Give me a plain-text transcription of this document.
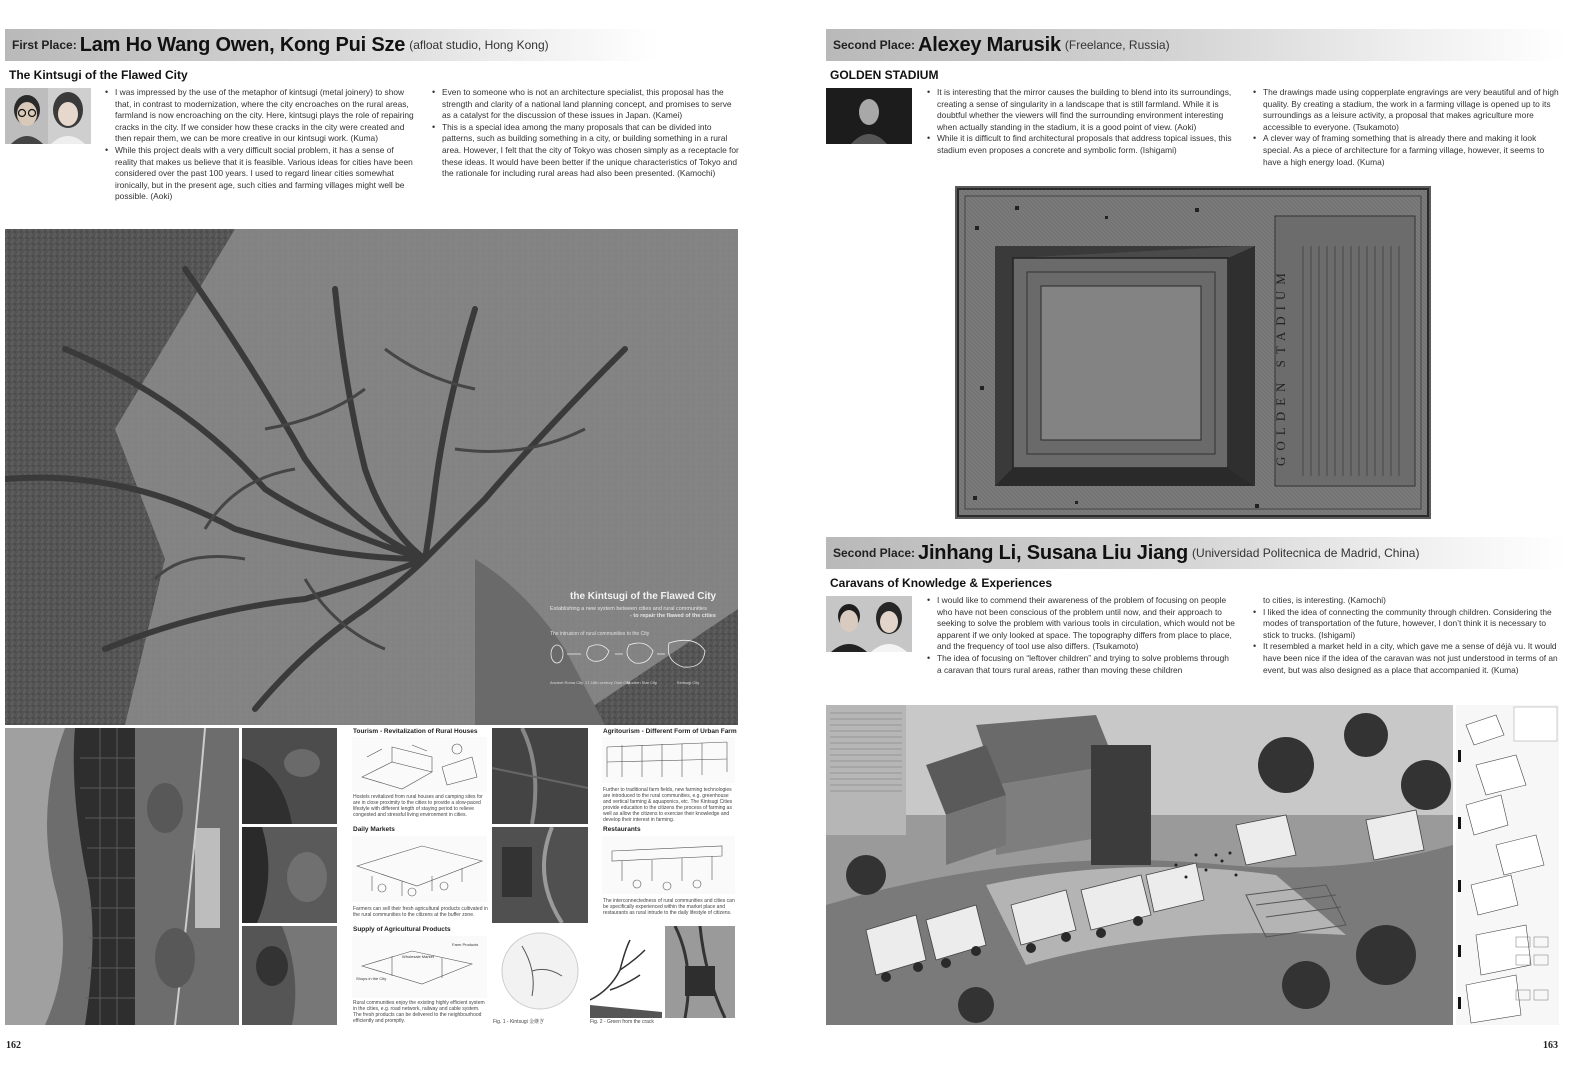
First Place: Lam Ho Wang Owen, Kong Pui Sze (afloat studio, Hong Kong)
The Kintsugi of the Flawed City
• I was impressed by the use of the metaphor of kintsugi (metal joinery) to show that, in contrast to modernization, where the city encroaches on the rural areas, farmland is now encroaching on the city. Here, kintsugi plays the role of repairing cracks in the city. If we consider how these cracks in the city were created and then repair them, we can be more creative in our kintsugi work. (Kuma)
• While this project deals with a very difficult social problem, it has a sense of reality that makes us believe that it is feasible. Various ideas for cities have been considered over the past 100 years. I used to regard linear cities somewhat ironically, but in the present age, such cities and farming villages might well be possible. (Aoki)
• Even to someone who is not an architecture specialist, this proposal has the strength and clarity of a national land planning concept, and promises to serve as a catalyst for the discussion of these issues in Japan. (Kamei)
• This is a special idea among the many proposals that can be divided into patterns, such as building something in a city, or building something in a rural area. However, I felt that the city of Tokyo was chosen simply as a receptacle for these ideas. It would have been better if the unique characteristics of Tokyo and the rationale for including rural areas had also been presented. (Kamochi)
the Kintsugi of the Flawed City
Establishing a new system between cities and rural communities
- to repair the flawed of the cities
The intrusion of rural communities to the City
Ancient Roma City 17-18th century Ooki City
Modern Star City	Kintsugi City
Tourism - Revitalization of Rural Houses
Hostels revitalized from rural houses and camping sites for are in close proximity to the cities to provide a slow-paced lifestyle with different length of staying period to relieve congested and stressful living environment in cities.
Daily Markets
Farmers can sell their fresh agricultural products cultivated in the rural communities to the citizens at the buffer zone.
Supply of Agricultural Products
Farm Products
Wholesale Market
Shops in the City
Rural communities enjoy the existing highly efficient system in the cities, e.g. road network, railway and cable system. The fresh products can be delivered to the neighbourhood efficiently and promptly.	Fig. 1 - Kintsugi 金継ぎ
Agritourism - Different Form of Urban Farm
Further to traditional farm fields, new farming technologies are introduced to the rural communities, e.g. greenhouse and vertical farming & aquaponics, etc. The Kintsugi Cities provide education to the citizens the process of farming as well as allow the citizens to exercise their knowledge and develop their interest in farming.
Restaurants
The interconnectedness of rural communities and cities can be specifically experienced within the market place and restaurants as rural intrude to the daily lifestyle of citizens.
Fig. 2 - Green from the crack
162
Second Place: Alexey Marusik (Freelance, Russia)
GOLDEN STADIUM
• It is interesting that the mirror causes the building to blend into its surroundings, creating a sense of singularity in a landscape that is still farmland. While it is doubtful whether the viewers will find the surrounding environment interesting when actually standing in the stadium, it is a good point of view. (Aoki)
• While it is difficult to find architectural proposals that address topical issues, this stadium even proposes a concrete and symbolic form. (Ishigami)
• The drawings made using copperplate engravings are very beautiful and of high quality. By creating a stadium, the work in a farming village is opened up to its surroundings as a leisure activity, a proposal that makes agriculture more accessible to everyone. (Tsukamoto)
• A clever way of framing something that is already there and making it look special. As a piece of architecture for a farming village, however, it seems to have a high energy load. (Kuma)
GOLDEN STADIUM
Second Place: Jinhang Li, Susana Liu Jiang (Universidad Politecnica de Madrid, China)
Caravans of Knowledge & Experiences
• I would like to commend their awareness of the problem of focusing on people who have not been conscious of the problem until now, and their approach to seeking to solve the problem with various tools in circulation, which would not be apparent if we only looked at space. The topography differs from place to place, and the frequency of tool use also differs. (Tsukamoto)
• The idea of focusing on “leftover children” and trying to solve problems through a caravan that tours rural areas, rather than moving these children
to cities, is interesting. (Kamochi)
• I liked the idea of connecting the community through children. Considering the modes of transportation of the future, however, I don’t think it is necessary to stick to trucks. (Ishigami)
• It resembled a market held in a city, which gave me a sense of déjà vu. It would have been nice if the idea of the caravan was not just understood in terms of an event, but was also designed as a place that accompanied it. (Kuma)
163
